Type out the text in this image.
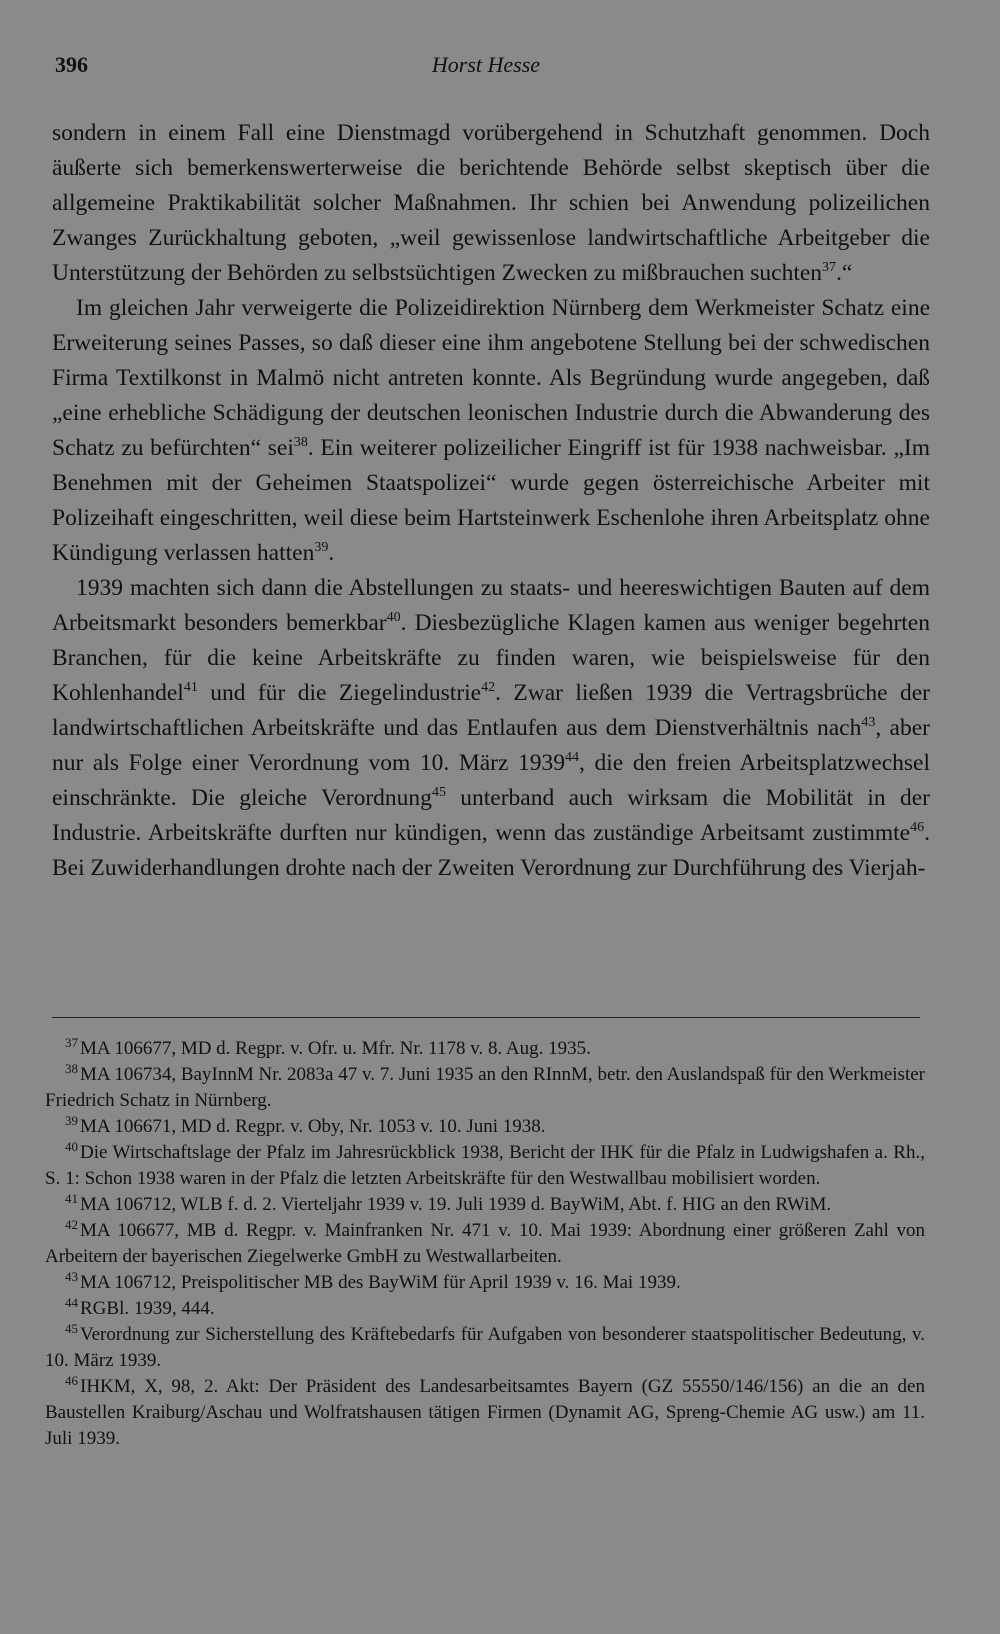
396	Horst Hesse

sondern in einem Fall eine Dienstmagd vorübergehend in Schutzhaft genommen. Doch äußerte sich bemerkenswerterweise die berichtende Behörde selbst skeptisch über die allgemeine Praktikabilität solcher Maßnahmen. Ihr schien bei Anwendung polizeilichen Zwanges Zurückhaltung geboten, „weil gewissenlose landwirtschaftliche Arbeitgeber die Unterstützung der Behörden zu selbstsüchtigen Zwecken zu mißbrauchen suchten$^{37}$.“

Im gleichen Jahr verweigerte die Polizeidirektion Nürnberg dem Werkmeister Schatz eine Erweiterung seines Passes, so daß dieser eine ihm angebotene Stellung bei der schwedischen Firma Textilkonst in Malmö nicht antreten konnte. Als Begründung wurde angegeben, daß „eine erhebliche Schädigung der deutschen leonischen Industrie durch die Abwanderung des Schatz zu befürchten“ sei$^{38}$. Ein weiterer polizeilicher Eingriff ist für 1938 nachweisbar. „Im Benehmen mit der Geheimen Staatspolizei“ wurde gegen österreichische Arbeiter mit Polizeihaft eingeschritten, weil diese beim Hartsteinwerk Eschenlohe ihren Arbeitsplatz ohne Kündigung verlassen hatten$^{39}$.

1939 machten sich dann die Abstellungen zu staats- und heereswichtigen Bauten auf dem Arbeitsmarkt besonders bemerkbar$^{40}$. Diesbezügliche Klagen kamen aus weniger begehrten Branchen, für die keine Arbeitskräfte zu finden waren, wie beispielsweise für den Kohlenhandel$^{41}$ und für die Ziegelindustrie$^{42}$. Zwar ließen 1939 die Vertragsbrüche der landwirtschaftlichen Arbeitskräfte und das Entlaufen aus dem Dienstverhältnis nach$^{43}$, aber nur als Folge einer Verordnung vom 10. März 1939$^{44}$, die den freien Arbeitsplatzwechsel einschränkte. Die gleiche Verordnung$^{45}$ unterband auch wirksam die Mobilität in der Industrie. Arbeitskräfte durften nur kündigen, wenn das zuständige Arbeitsamt zustimmte$^{46}$. Bei Zuwiderhandlungen drohte nach der Zweiten Verordnung zur Durchführung des Vierjah-

$^{37}$ MA 106677, MD d. Regpr. v. Ofr. u. Mfr. Nr. 1178 v. 8. Aug. 1935.

$^{38}$ MA 106734, BayInnM Nr. 2083a 47 v. 7. Juni 1935 an den RInnM, betr. den Auslandspaß für den Werkmeister Friedrich Schatz in Nürnberg.

$^{39}$ MA 106671, MD d. Regpr. v. Oby, Nr. 1053 v. 10. Juni 1938.

$^{40}$ Die Wirtschaftslage der Pfalz im Jahresrückblick 1938, Bericht der IHK für die Pfalz in Ludwigshafen a. Rh., S. 1: Schon 1938 waren in der Pfalz die letzten Arbeitskräfte für den Westwallbau mobilisiert worden.

$^{41}$ MA 106712, WLB f. d. 2. Vierteljahr 1939 v. 19. Juli 1939 d. BayWiM, Abt. f. HIG an den RWiM.

$^{42}$ MA 106677, MB d. Regpr. v. Mainfranken Nr. 471 v. 10. Mai 1939: Abordnung einer größeren Zahl von Arbeitern der bayerischen Ziegelwerke GmbH zu Westwallarbeiten.

$^{43}$ MA 106712, Preispolitischer MB des BayWiM für April 1939 v. 16. Mai 1939.

$^{44}$ RGBl. 1939, 444.

$^{45}$ Verordnung zur Sicherstellung des Kräftebedarfs für Aufgaben von besonderer staatspolitischer Bedeutung, v. 10. März 1939.

$^{46}$ IHKM, X, 98, 2. Akt: Der Präsident des Landesarbeitsamtes Bayern (GZ 55550/146/156) an die an den Baustellen Kraiburg/Aschau und Wolfratshausen tätigen Firmen (Dynamit AG, Spreng-Chemie AG usw.) am 11. Juli 1939.
